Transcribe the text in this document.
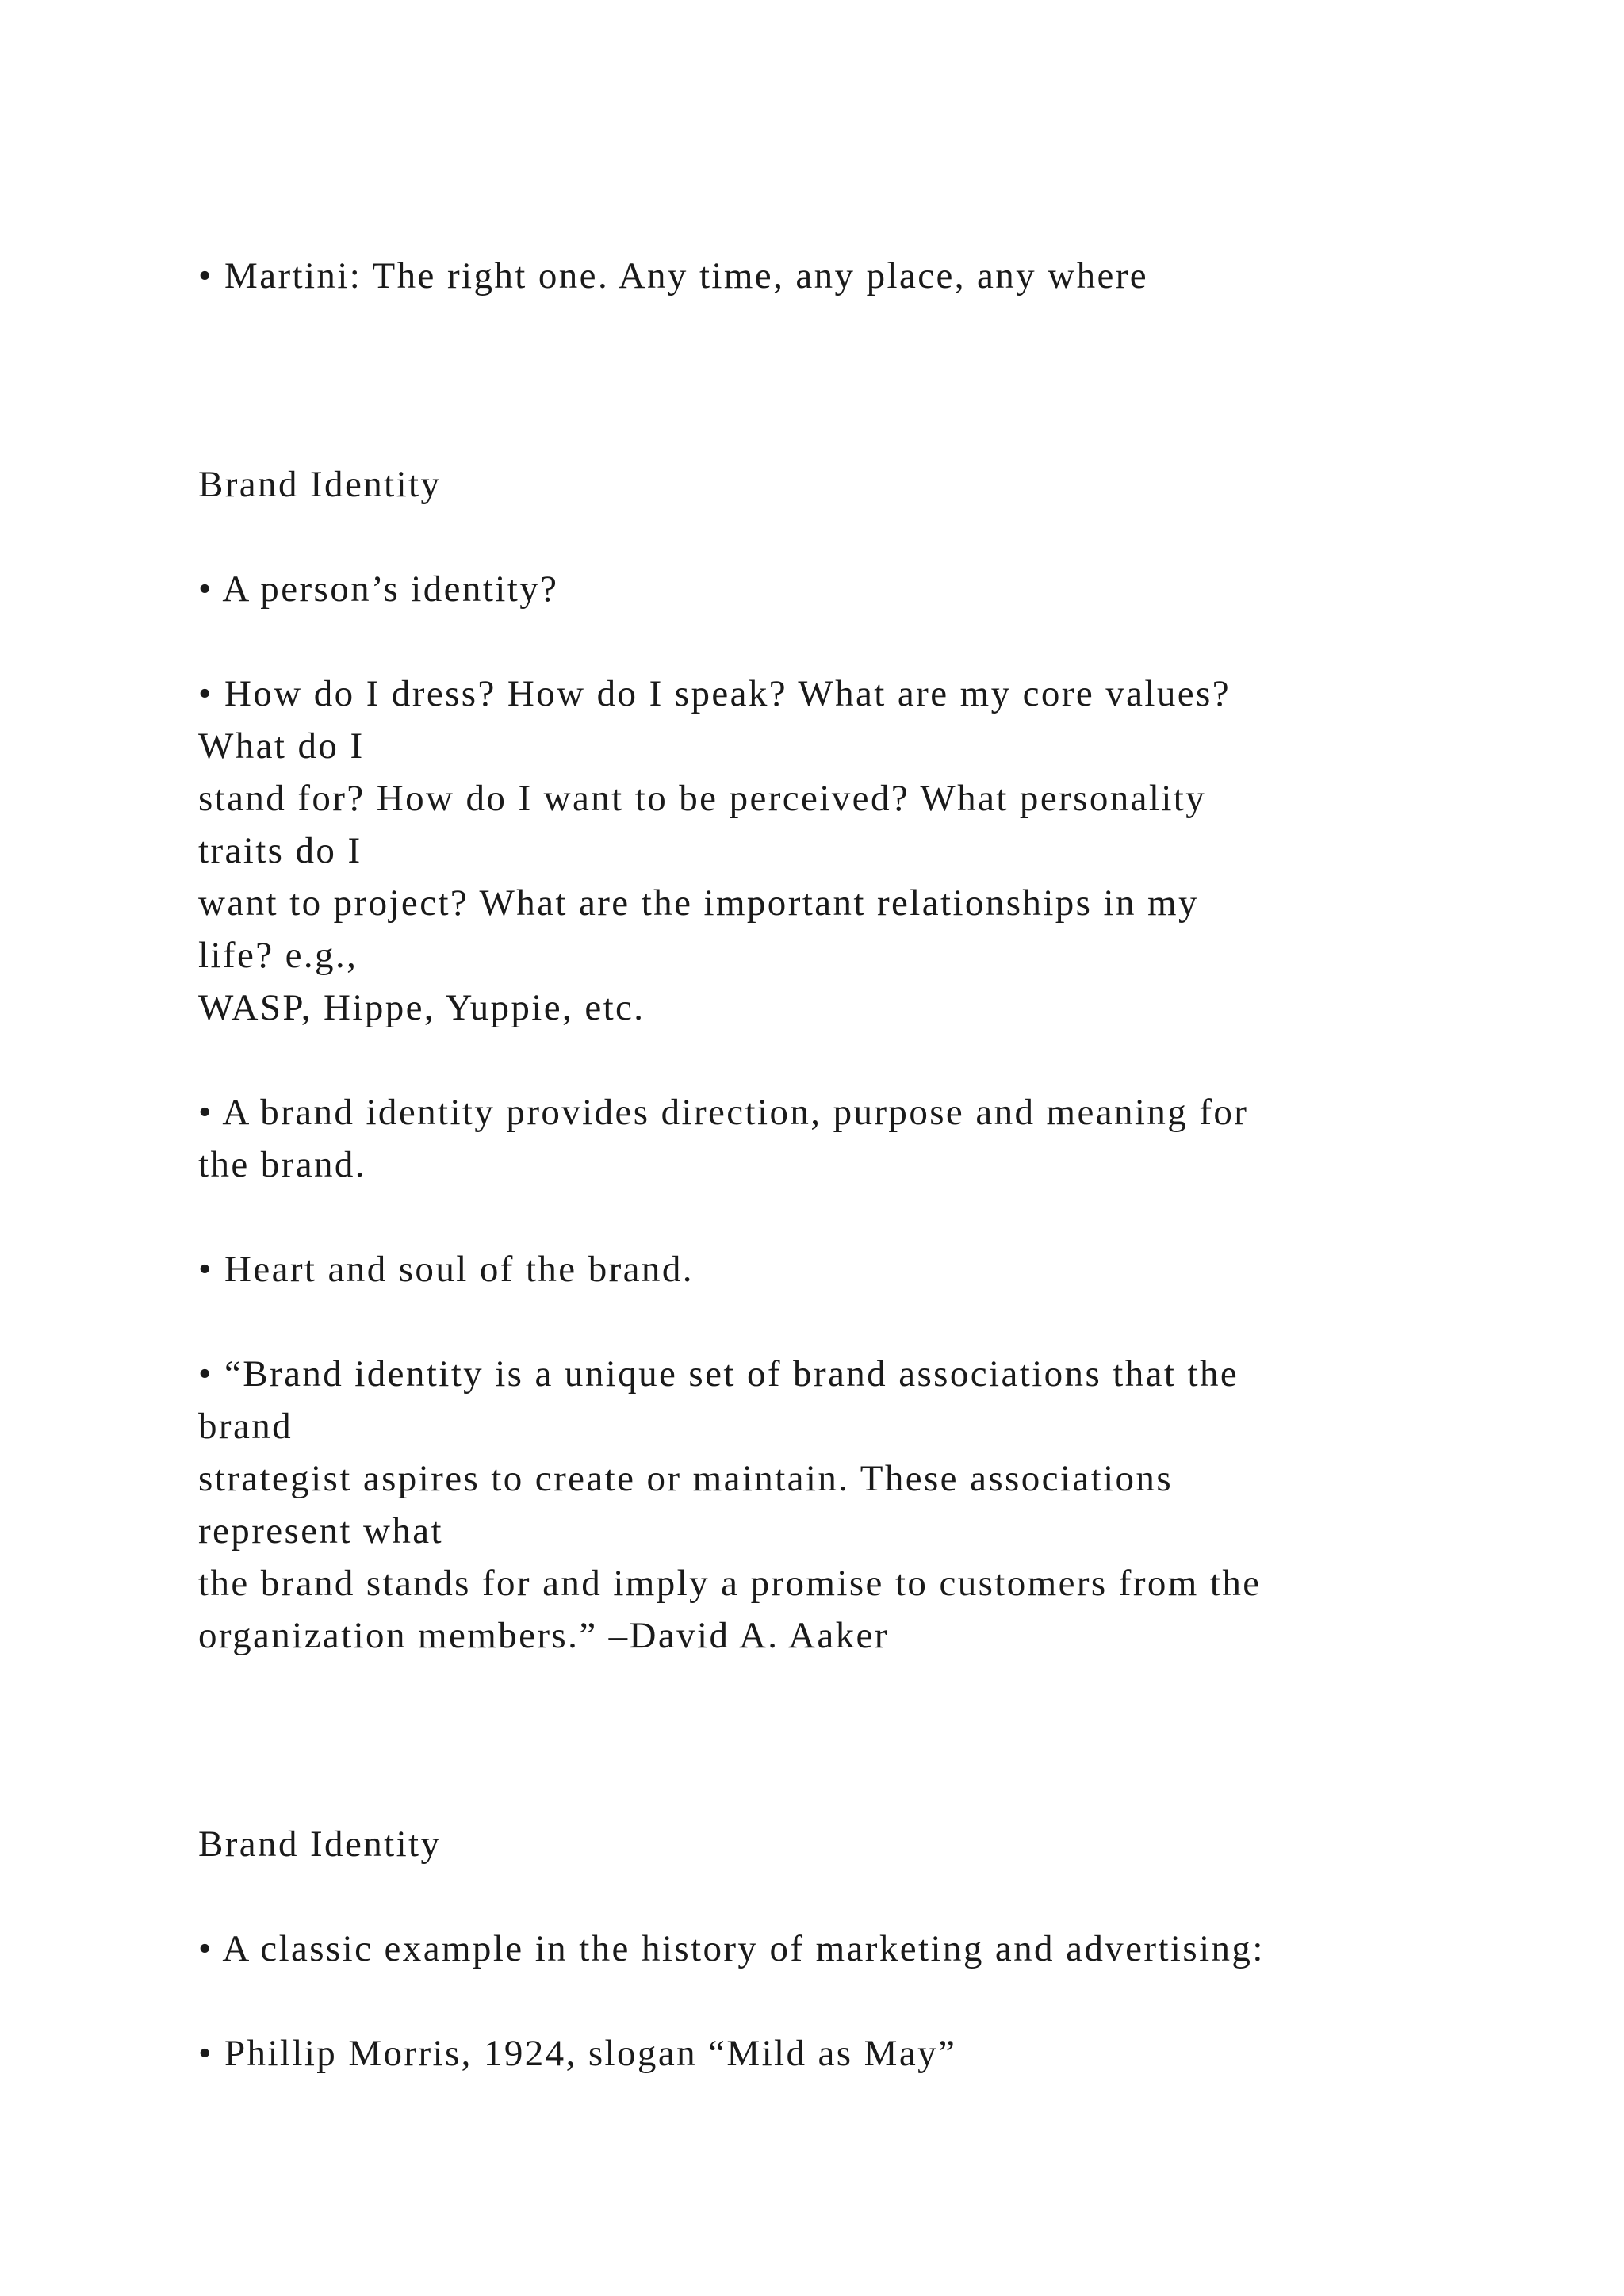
• Martini: The right one. Any time, any place, any where

Brand Identity

• A person’s identity?

• How do I dress? How do I speak? What are my core values?

What do I

stand for? How do I want to be perceived? What personality

traits do I

want to project? What are the important relationships in my

life? e.g.,

WASP, Hippe, Yuppie, etc.

• A brand identity provides direction, purpose and meaning for

the brand.

• Heart and soul of the brand.

• “Brand identity is a unique set of brand associations that the

brand

strategist aspires to create or maintain. These associations

represent what

the brand stands for and imply a promise to customers from the

organization members.” –David A. Aaker

Brand Identity

• A classic example in the history of marketing and advertising:

• Phillip Morris, 1924, slogan “Mild as May”
